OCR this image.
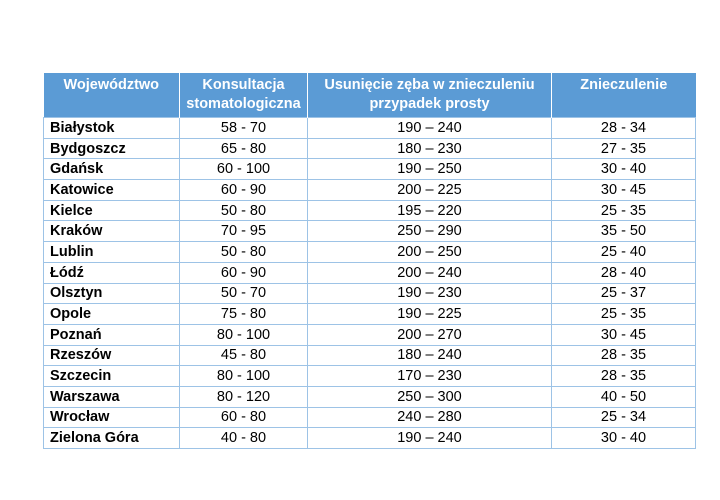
Województwo	Konsultacja stomatologiczna	Usunięcie zęba w znieczuleniu przypadek prosty	Znieczulenie
Białystok	58 - 70	190 – 240	28 - 34
Bydgoszcz	65 - 80	180 – 230	27 - 35
Gdańsk	60 - 100	190 – 250	30 - 40
Katowice	60 - 90	200 – 225	30 - 45
Kielce	50 - 80	195 – 220	25 - 35
Kraków	70 - 95	250 – 290	35 - 50
Lublin	50 - 80	200 – 250	25 - 40
Łódź	60 - 90	200 – 240	28 - 40
Olsztyn	50 - 70	190 – 230	25 - 37
Opole	75 - 80	190 – 225	25 - 35
Poznań	80 - 100	200 – 270	30 - 45
Rzeszów	45 - 80	180 – 240	28 - 35
Szczecin	80 - 100	170 – 230	28 - 35
Warszawa	80 - 120	250 – 300	40 - 50
Wrocław	60 - 80	240 – 280	25 - 34
Zielona Góra	40 - 80	190 – 240	30 - 40
